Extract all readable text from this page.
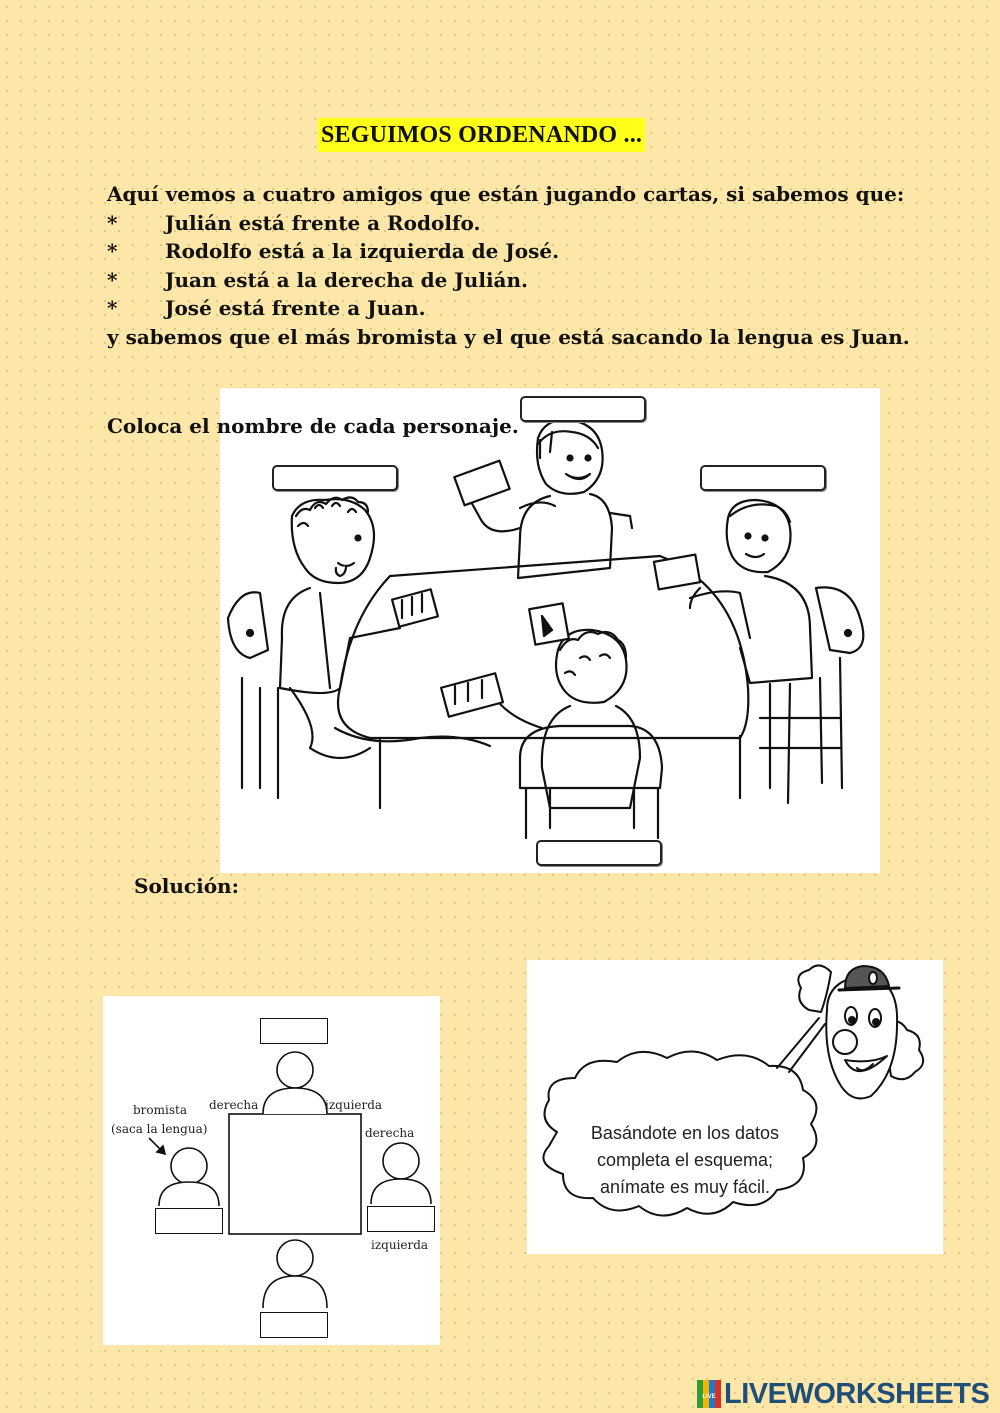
SEGUIMOS ORDENANDO ...
Aquí vemos a cuatro amigos que están jugando cartas, si sabemos que:
* Julián está frente a Rodolfo.
* Rodolfo está a la izquierda de José.
* Juan está a la derecha de Julián.
* José está frente a Juan.
y sabemos que el más bromista y el que está sacando la lengua es Juan.

Coloca el nombre de cada personaje.

Solución:

bromista
(saca la lengua)
derecha	izquierda
derecha
izquierda
Basándote en los datos
completa el esquema;
anímate es muy fácil.
LIVE LIVEWORKSHEETS
